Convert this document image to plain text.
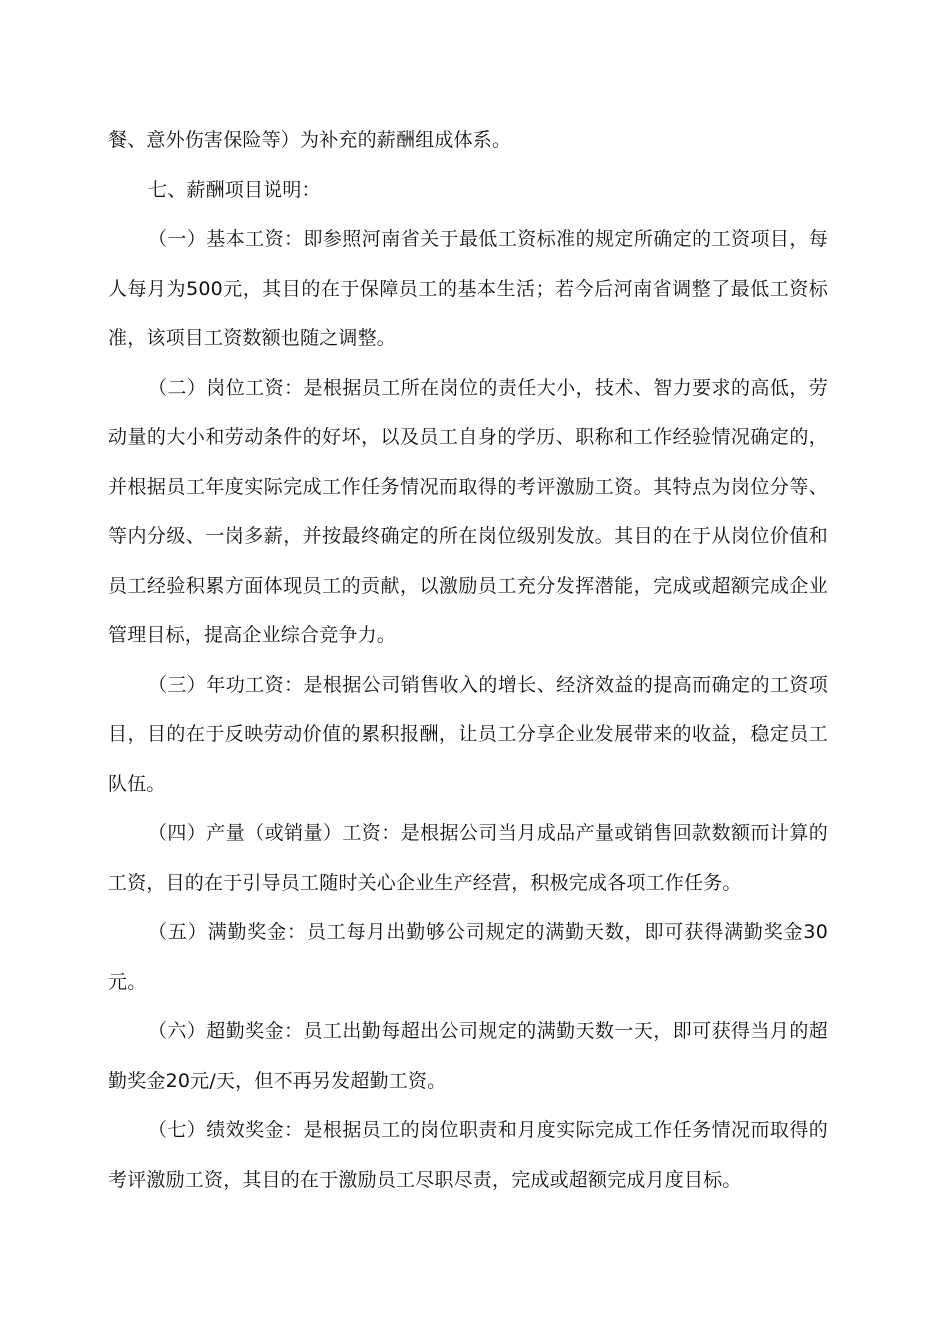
餐、意外伤害保险等）为补充的薪酬组成体系。

七、薪酬项目说明：

（一）基本工资：即参照河南省关于最低工资标准的规定所确定的工资项目，每人每月为500元，其目的在于保障员工的基本生活；若今后河南省调整了最低工资标准，该项目工资数额也随之调整。

（二）岗位工资：是根据员工所在岗位的责任大小，技术、智力要求的高低，劳动量的大小和劳动条件的好坏，以及员工自身的学历、职称和工作经验情况确定的，并根据员工年度实际完成工作任务情况而取得的考评激励工资。其特点为岗位分等、等内分级、一岗多薪，并按最终确定的所在岗位级别发放。其目的在于从岗位价值和员工经验积累方面体现员工的贡献，以激励员工充分发挥潜能，完成或超额完成企业管理目标，提高企业综合竞争力。

（三）年功工资：是根据公司销售收入的增长、经济效益的提高而确定的工资项目，目的在于反映劳动价值的累积报酬，让员工分享企业发展带来的收益，稳定员工队伍。

（四）产量（或销量）工资：是根据公司当月成品产量或销售回款数额而计算的工资，目的在于引导员工随时关心企业生产经营，积极完成各项工作任务。

（五）满勤奖金：员工每月出勤够公司规定的满勤天数，即可获得满勤奖金30元。

（六）超勤奖金：员工出勤每超出公司规定的满勤天数一天，即可获得当月的超勤奖金20元/天，但不再另发超勤工资。

（七）绩效奖金：是根据员工的岗位职责和月度实际完成工作任务情况而取得的考评激励工资，其目的在于激励员工尽职尽责，完成或超额完成月度目标。
